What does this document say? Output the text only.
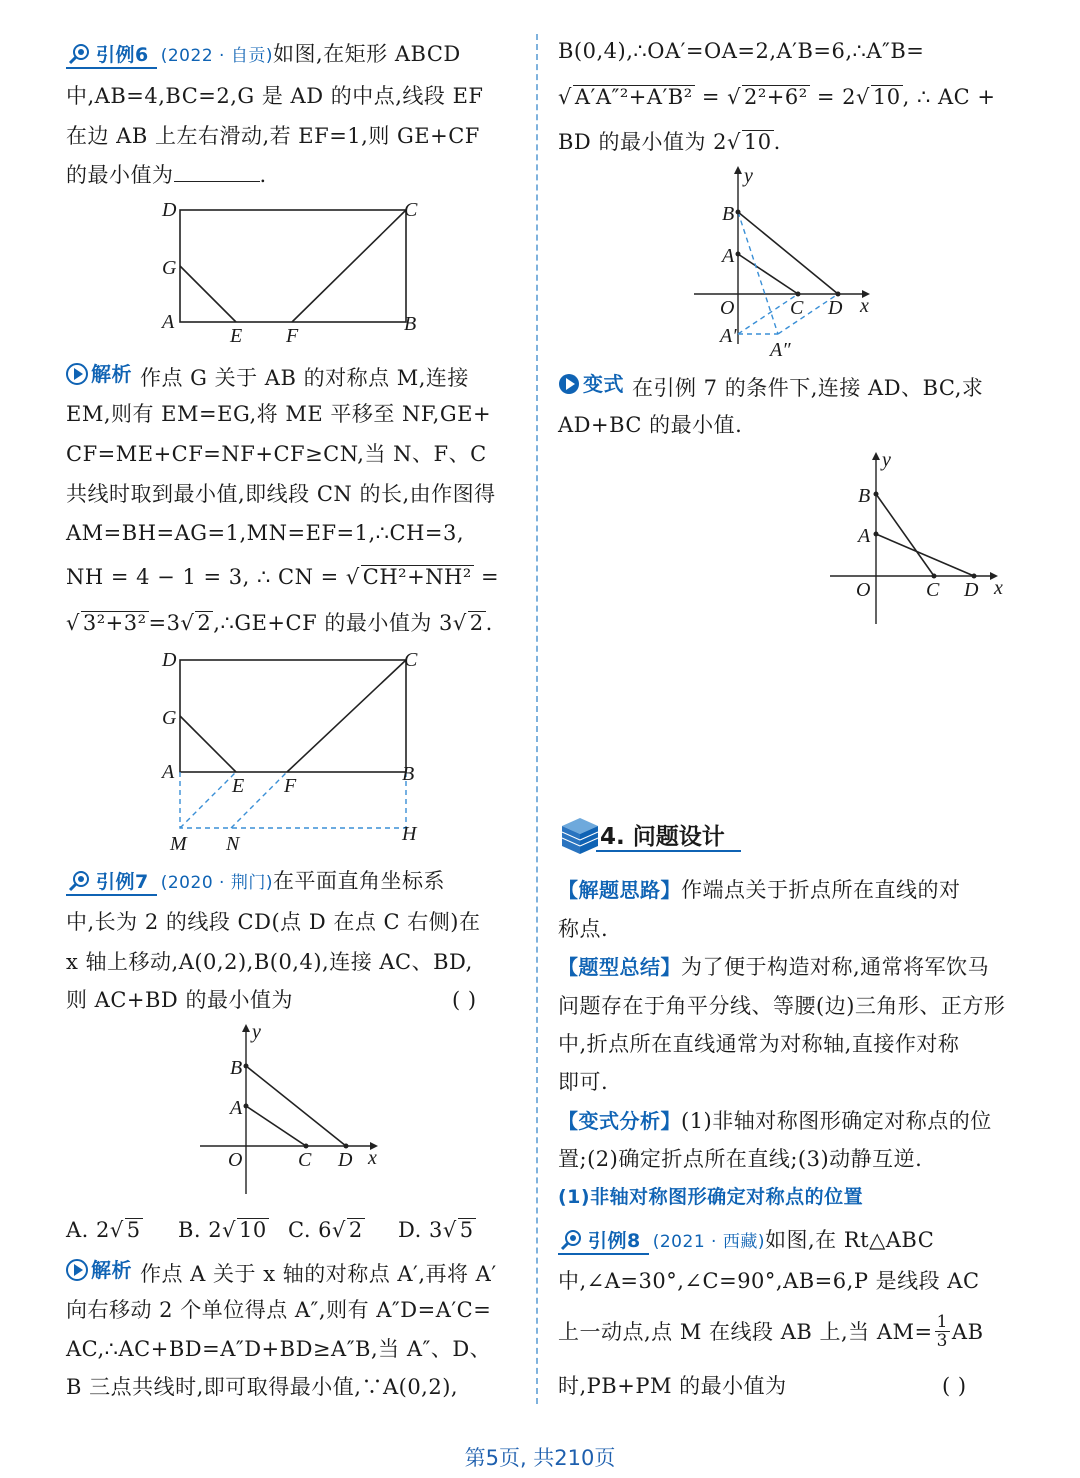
引例6 (2022 · 自贡)如图,在矩形 ABCD
中,AB=4,BC=2,G 是 AD 的中点,线段 EF
在边 AB 上左右滑动,若 EF=1,则 GE+CF
的最小值为	.
D	C
G
A
E F
B
解析 作点 G 关于 AB 的对称点 M,连接
EM,则有 EM=EG,将 ME 平移至 NF,GE+
CF=ME+CF=NF+CF≥CN,当 N、F、C
共线时取到最小值,即线段 CN 的长,由作图得
AM=BH=AG=1,MN=EF=1,∴CH=3,
NH = 4 − 1 = 3, ∴ CN = √ CH²+NH² =
√ 3²+3²=3√ 2,∴GE+CF 的最小值为 3√ 2.
D	C
G
A
E F
B
M N	H
引例7 (2020 · 荆门)在平面直角坐标系
中,长为 2 的线段 CD(点 D 在点 C 右侧)在
x 轴上移动,A(0,2),B(0,4),连接 AC、BD,
则 AC+BD 的最小值为	( )
y
B
A
O	C D x
A. 2√ 5 B. 2√ 10 C. 6√ 2 D. 3√ 5
解析 作点 A 关于 x 轴的对称点 A′,再将 A′
向右移动 2 个单位得点 A″,则有 A″D=A′C=
AC,∴AC+BD=A″D+BD≥A″B,当 A″、D、
B 三点共线时,即可取得最小值,∵A(0,2),
B(0,4),∴OA′=OA=2,A′B=6,∴A″B=
√ A′A″²+A′B² = √ 2²+6² = 2√ 10, ∴ AC +
BD 的最小值为 2√ 10.
y
B
A
O	C D x
A′
A″
变式 在引例 7 的条件下,连接 AD、BC,求
AD+BC 的最小值.
y
B
A
O	C D x
4. 问题设计
【解题思路】作端点关于折点所在直线的对
称点.
【题型总结】为了便于构造对称,通常将军饮马
问题存在于角平分线、等腰(边)三角形、正方形
中,折点所在直线通常为对称轴,直接作对称
即可.
【变式分析】(1)非轴对称图形确定对称点的位
置;(2)确定折点所在直线;(3)动静互逆.
(1)非轴对称图形确定对称点的位置
引例8 (2021 · 西藏)如图,在 Rt△ABC
中,∠A=30°,∠C=90°,AB=6,P 是线段 AC
上一动点,点 M 在线段 AB 上,当 $AM= \frac{1}{3}$ AB
时,PB+PM 的最小值为	( )
第5页, 共210页
